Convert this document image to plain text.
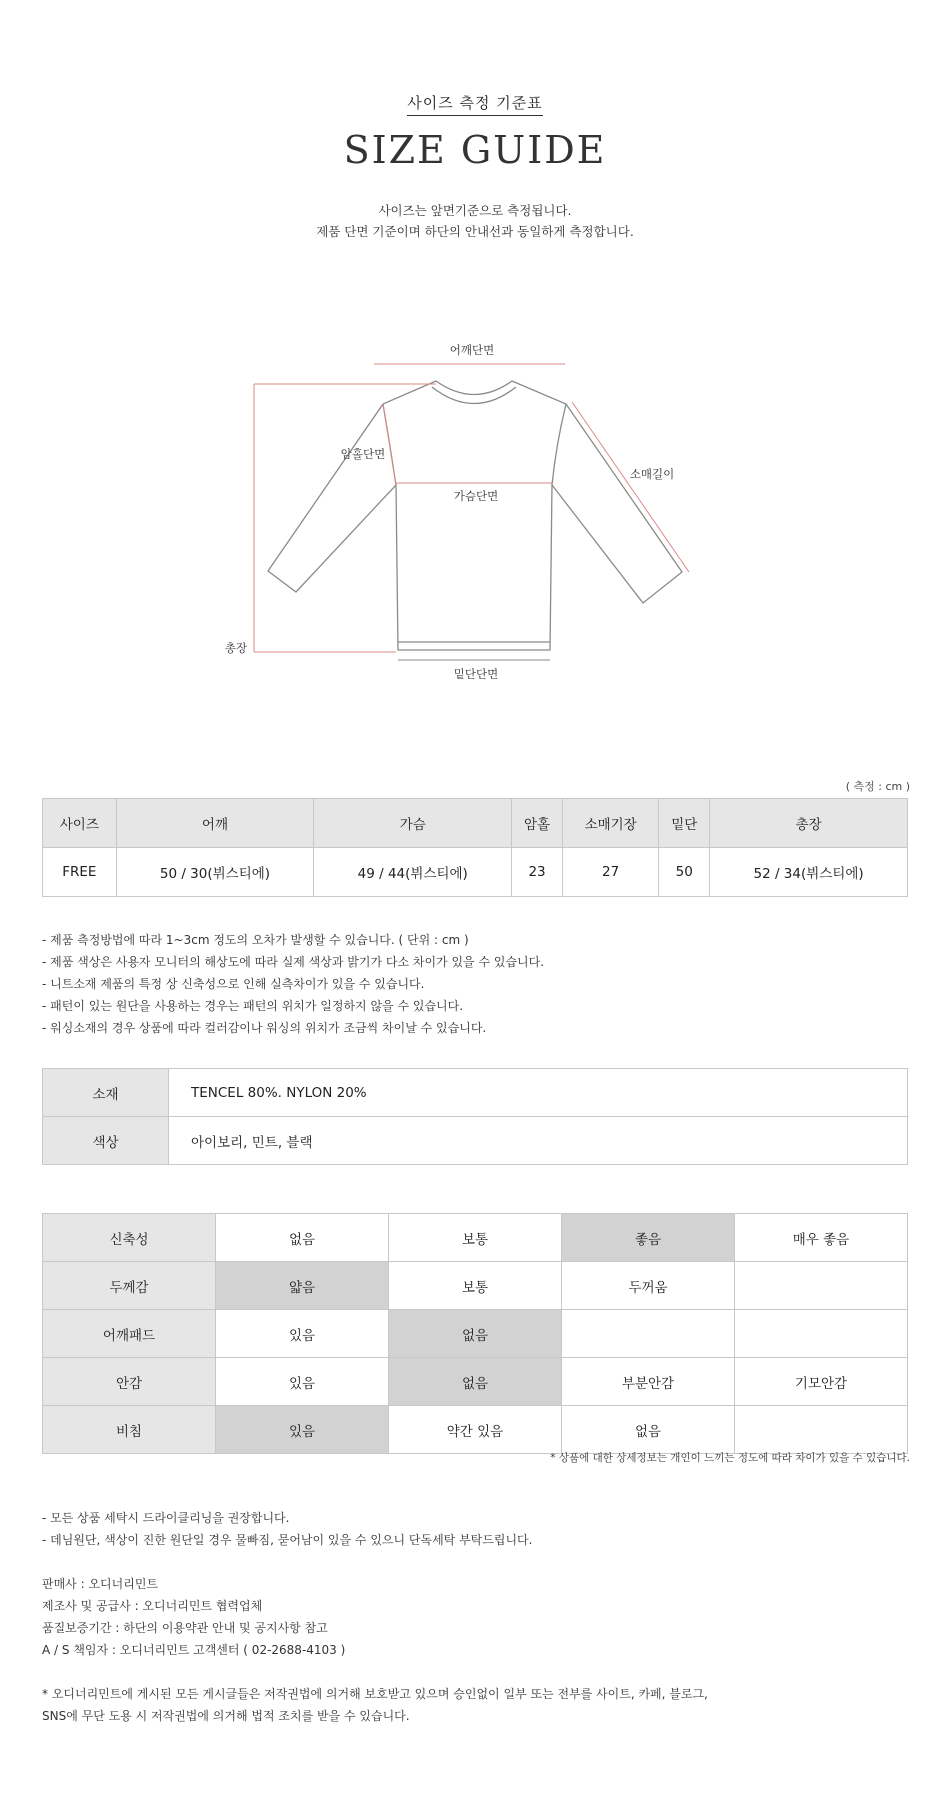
사이즈 측정 기준표
SIZE GUIDE
사이즈는 앞면기준으로 측정됩니다.
제품 단면 기준이며 하단의 안내선과 동일하게 측정합니다.
어깨단면
암홀단면
가슴단면
소매길이
총장
밑단단면
( 측정 : cm )
사이즈	어깨	가슴	암홀	소매기장	밑단	총장
FREE	50 / 30(뷔스티에)	49 / 44(뷔스티에)	23	27	50	52 / 34(뷔스티에)
- 제품 측정방법에 따라 1~3cm 정도의 오차가 발생할 수 있습니다. ( 단위 : cm )
- 제품 색상은 사용자 모니터의 해상도에 따라 실제 색상과 밝기가 다소 차이가 있을 수 있습니다.
- 니트소재 제품의 특정 상 신축성으로 인해 실측차이가 있을 수 있습니다.
- 패턴이 있는 원단을 사용하는 경우는 패턴의 위치가 일정하지 않을 수 있습니다.
- 워싱소재의 경우 상품에 따라 컬러감이나 워싱의 위치가 조금씩 차이날 수 있습니다.
소재	TENCEL 80%. NYLON 20%
색상	아이보리, 민트, 블랙
신축성	없음	보통	좋음	매우 좋음
두께감	얇음	보통	두꺼움	
어깨패드	있음	없음		
안감	있음	없음	부분안감	기모안감
비침	있음	약간 있음	없음	
* 상품에 대한 상세정보는 개인이 느끼는 정도에 따라 차이가 있을 수 있습니다.
- 모든 상품 세탁시 드라이클리닝을 권장합니다.
- 데님원단, 색상이 진한 원단일 경우 물빠짐, 묻어남이 있을 수 있으니 단독세탁 부탁드립니다.
판매사 : 오디너리민트
제조사 및 공급사 : 오디너리민트 협력업체
품질보증기간 : 하단의 이용약관 안내 및 공지사항 참고
A / S 책임자 : 오디너리민트 고객센터 ( 02-2688-4103 )
* 오디너리민트에 게시된 모든 게시글들은 저작권법에 의거해 보호받고 있으며 승인없이 일부 또는 전부를 사이트, 카페, 블로그,
SNS에 무단 도용 시 저작권법에 의거해 법적 조치를 받을 수 있습니다.
